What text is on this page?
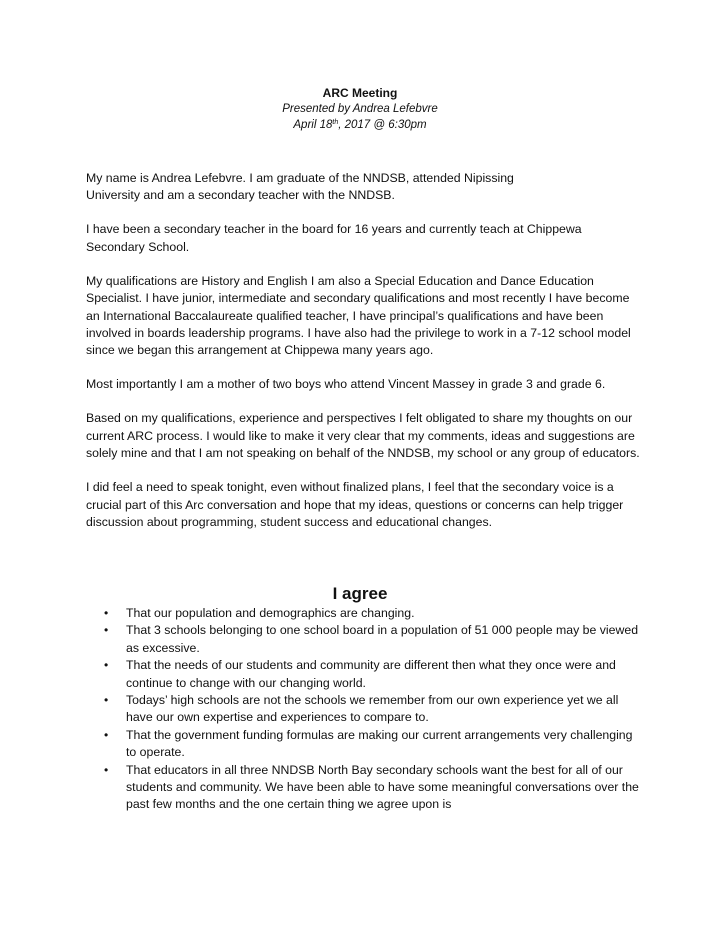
ARC Meeting
Presented by Andrea Lefebvre
April 18th, 2017 @ 6:30pm

My name is Andrea Lefebvre. I am graduate of the NNDSB, attended Nipissing University and am a secondary teacher with the NNDSB.

I have been a secondary teacher in the board for 16 years and currently teach at Chippewa Secondary School.

My qualifications are History and English I am also a Special Education and Dance Education Specialist. I have junior, intermediate and secondary qualifications and most recently I have become an International Baccalaureate qualified teacher, I have principal’s qualifications and have been involved in boards leadership programs. I have also had the privilege to work in a 7-12 school model since we began this arrangement at Chippewa many years ago.

Most importantly I am a mother of two boys who attend Vincent Massey in grade 3 and grade 6.

Based on my qualifications, experience and perspectives I felt obligated to share my thoughts on our current ARC process. I would like to make it very clear that my comments, ideas and suggestions are solely mine and that I am not speaking on behalf of the NNDSB, my school or any group of educators.

I did feel a need to speak tonight, even without finalized plans, I feel that the secondary voice is a crucial part of this Arc conversation and hope that my ideas, questions or concerns can help trigger discussion about programming, student success and educational changes.

I agree
• That our population and demographics are changing.
• That 3 schools belonging to one school board in a population of 51 000 people may be viewed as excessive.
• That the needs of our students and community are different then what they once were and continue to change with our changing world.
• Todays’ high schools are not the schools we remember from our own experience yet we all have our own expertise and experiences to compare to.
• That the government funding formulas are making our current arrangements very challenging to operate.
• That educators in all three NNDSB North Bay secondary schools want the best for all of our students and community. We have been able to have some meaningful conversations over the past few months and the one certain thing we agree upon is
